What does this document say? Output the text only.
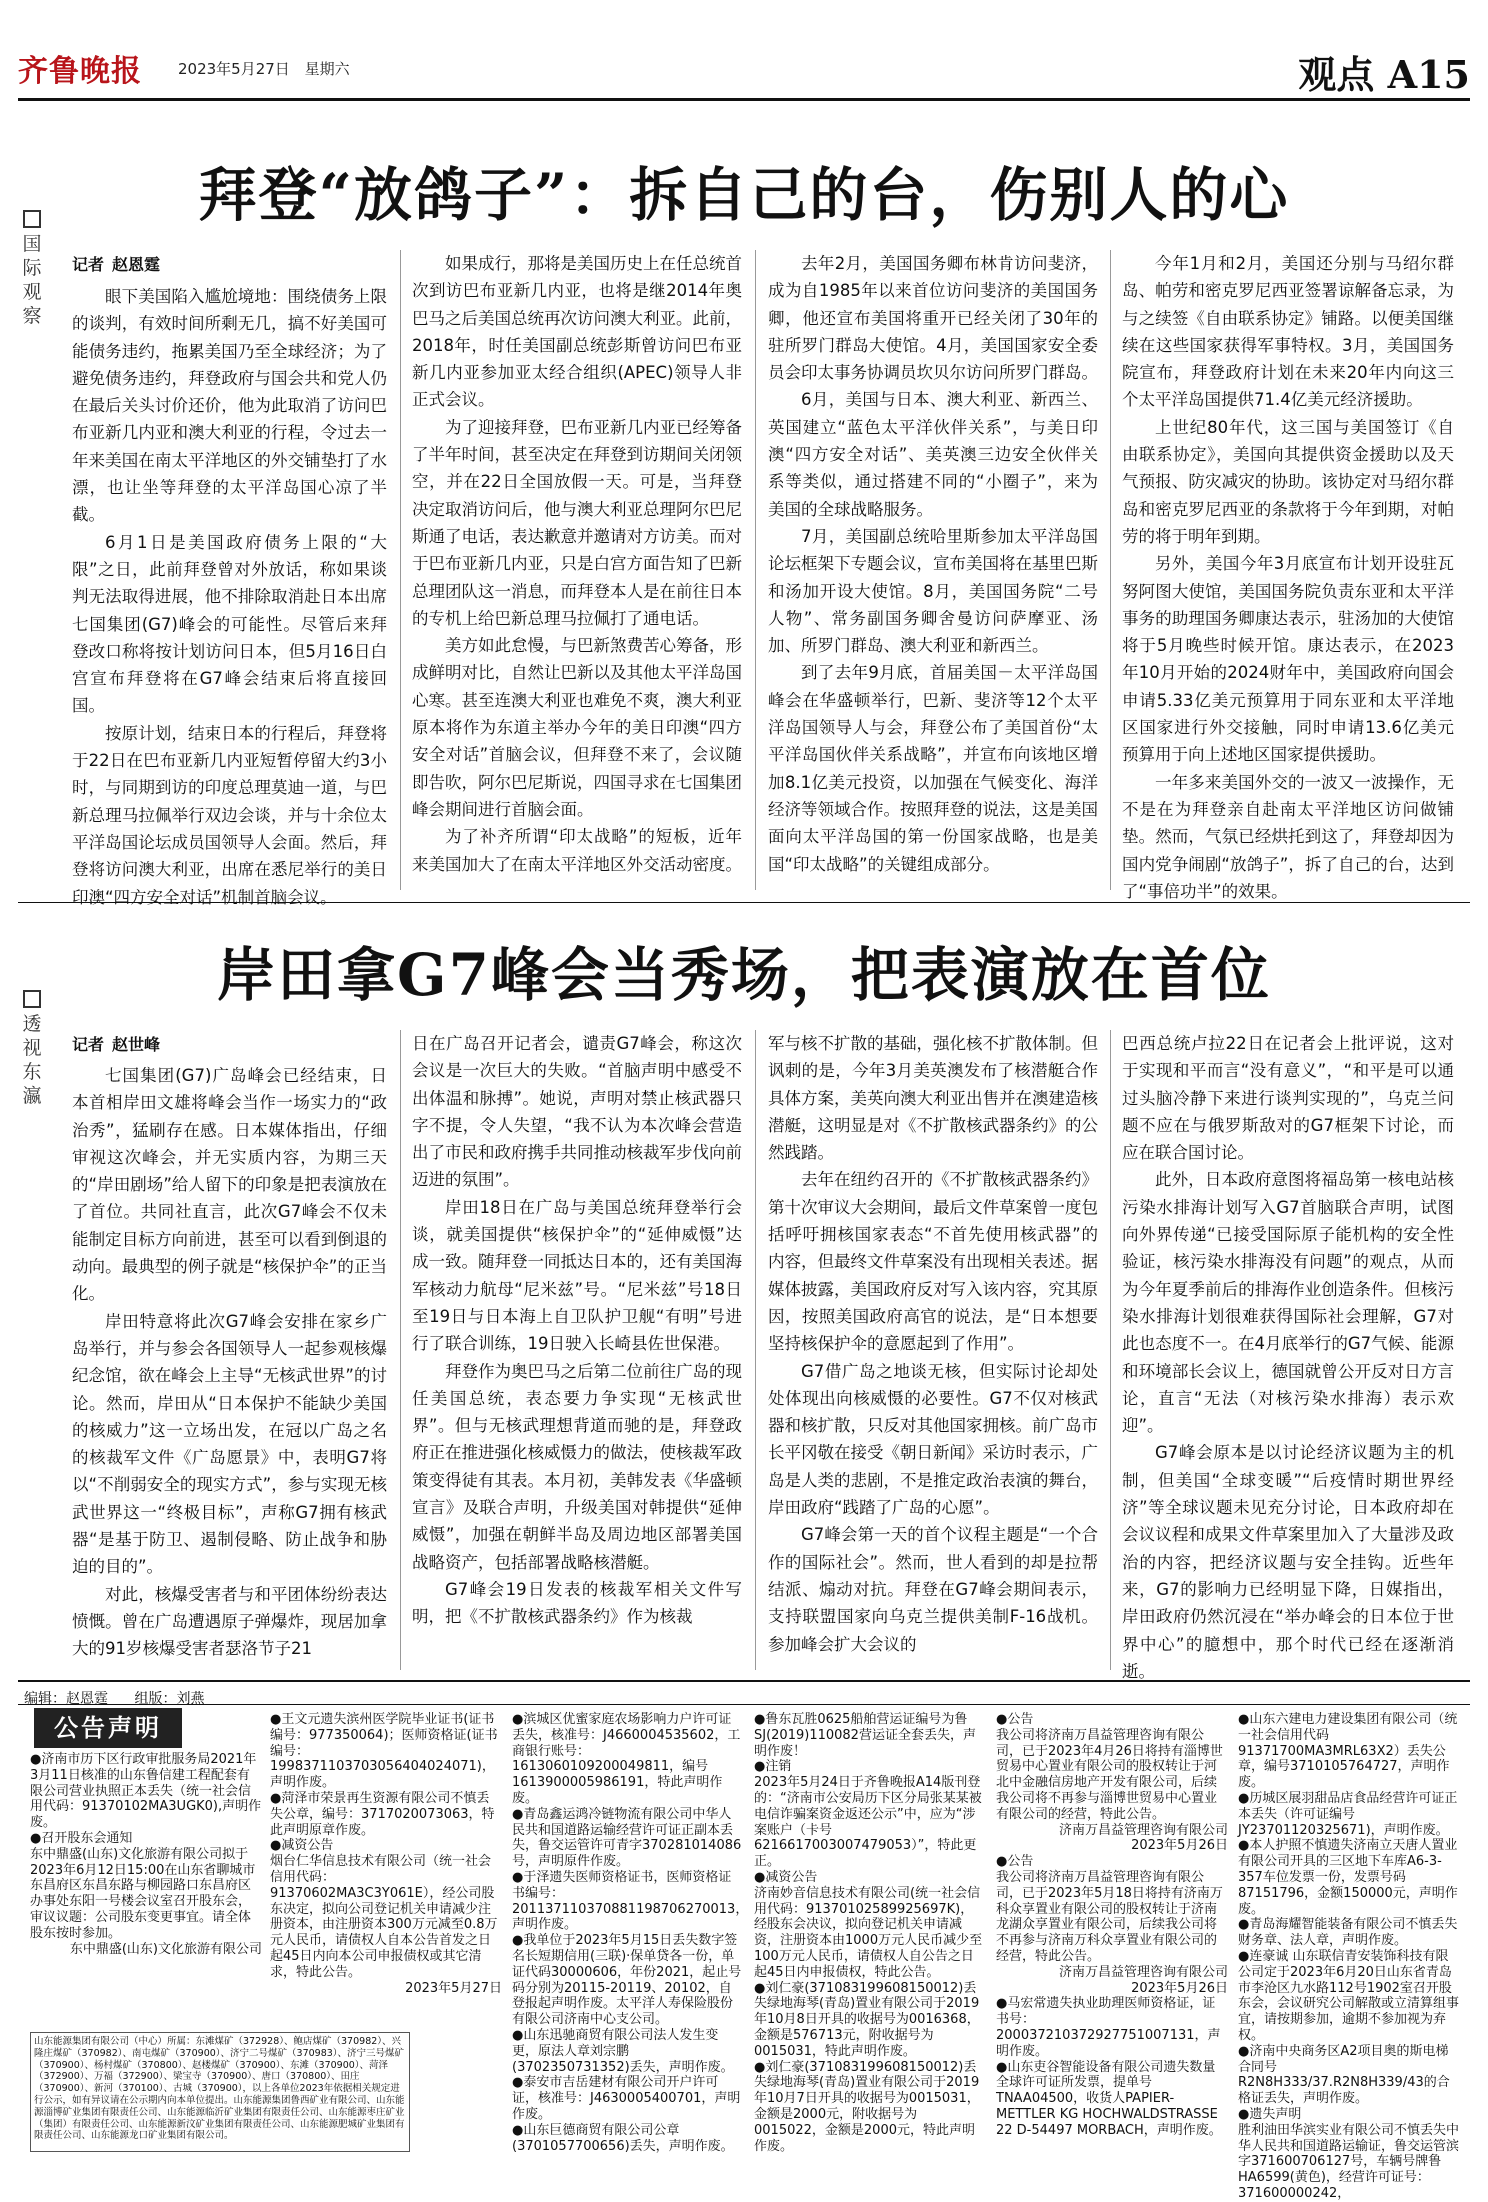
齐鲁晚报 2023年5月27日 星期六	观点 A15
拜登“放鸽子”：拆自己的台，伤别人的心
国际观察
记者 赵恩霆

眼下美国陷入尴尬境地：围绕债务上限的谈判，有效时间所剩无几，搞不好美国可能债务违约，拖累美国乃至全球经济；为了避免债务违约，拜登政府与国会共和党人仍在最后关头讨价还价，他为此取消了访问巴布亚新几内亚和澳大利亚的行程，令过去一年来美国在南太平洋地区的外交铺垫打了水漂，也让坐等拜登的太平洋岛国心凉了半截。

6月1日是美国政府债务上限的“大限”之日，此前拜登曾对外放话，称如果谈判无法取得进展，他不排除取消赴日本出席七国集团(G7)峰会的可能性。尽管后来拜登改口称将按计划访问日本，但5月16日白宫宣布拜登将在G7峰会结束后将直接回国。

按原计划，结束日本的行程后，拜登将于22日在巴布亚新几内亚短暂停留大约3小时，与同期到访的印度总理莫迪一道，与巴新总理马拉佩举行双边会谈，并与十余位太平洋岛国论坛成员国领导人会面。然后，拜登将访问澳大利亚，出席在悉尼举行的美日印澳“四方安全对话”机制首脑会议。

如果成行，那将是美国历史上在任总统首次到访巴布亚新几内亚，也将是继2014年奥巴马之后美国总统再次访问澳大利亚。此前，2018年，时任美国副总统彭斯曾访问巴布亚新几内亚参加亚太经合组织(APEC)领导人非正式会议。

为了迎接拜登，巴布亚新几内亚已经筹备了半年时间，甚至决定在拜登到访期间关闭领空，并在22日全国放假一天。可是，当拜登决定取消访问后，他与澳大利亚总理阿尔巴尼斯通了电话，表达歉意并邀请对方访美。而对于巴布亚新几内亚，只是白宫方面告知了巴新总理团队这一消息，而拜登本人是在前往日本的专机上给巴新总理马拉佩打了通电话。

美方如此怠慢，与巴新煞费苦心筹备，形成鲜明对比，自然让巴新以及其他太平洋岛国心寒。甚至连澳大利亚也难免不爽，澳大利亚原本将作为东道主举办今年的美日印澳“四方安全对话”首脑会议，但拜登不来了，会议随即告吹，阿尔巴尼斯说，四国寻求在七国集团峰会期间进行首脑会面。

为了补齐所谓“印太战略”的短板，近年来美国加大了在南太平洋地区外交活动密度。

去年2月，美国国务卿布林肯访问斐济，成为自1985年以来首位访问斐济的美国国务卿，他还宣布美国将重开已经关闭了30年的驻所罗门群岛大使馆。4月，美国国家安全委员会印太事务协调员坎贝尔访问所罗门群岛。

6月，美国与日本、澳大利亚、新西兰、英国建立“蓝色太平洋伙伴关系”，与美日印澳“四方安全对话”、美英澳三边安全伙伴关系等类似，通过搭建不同的“小圈子”，来为美国的全球战略服务。

7月，美国副总统哈里斯参加太平洋岛国论坛框架下专题会议，宣布美国将在基里巴斯和汤加开设大使馆。8月，美国国务院“二号人物”、常务副国务卿舍曼访问萨摩亚、汤加、所罗门群岛、澳大利亚和新西兰。

到了去年9月底，首届美国－太平洋岛国峰会在华盛顿举行，巴新、斐济等12个太平洋岛国领导人与会，拜登公布了美国首份“太平洋岛国伙伴关系战略”，并宣布向该地区增加8.1亿美元投资，以加强在气候变化、海洋经济等领域合作。按照拜登的说法，这是美国面向太平洋岛国的第一份国家战略，也是美国“印太战略”的关键组成部分。

今年1月和2月，美国还分别与马绍尔群岛、帕劳和密克罗尼西亚签署谅解备忘录，为与之续签《自由联系协定》铺路。以便美国继续在这些国家获得军事特权。3月，美国国务院宣布，拜登政府计划在未来20年内向这三个太平洋岛国提供71.4亿美元经济援助。

上世纪80年代，这三国与美国签订《自由联系协定》，美国向其提供资金援助以及天气预报、防灾减灾的协助。该协定对马绍尔群岛和密克罗尼西亚的条款将于今年到期，对帕劳的将于明年到期。

另外，美国今年3月底宣布计划开设驻瓦努阿图大使馆，美国国务院负责东亚和太平洋事务的助理国务卿康达表示，驻汤加的大使馆将于5月晚些时候开馆。康达表示，在2023年10月开始的2024财年中，美国政府向国会申请5.33亿美元预算用于同东亚和太平洋地区国家进行外交接触，同时申请13.6亿美元预算用于向上述地区国家提供援助。

一年多来美国外交的一波又一波操作，无不是在为拜登亲自赴南太平洋地区访问做铺垫。然而，气氛已经烘托到这了，拜登却因为国内党争闹剧“放鸽子”，拆了自己的台，达到了“事倍功半”的效果。

岸田拿G7峰会当秀场，把表演放在首位
透视东瀛
记者 赵世峰

七国集团(G7)广岛峰会已经结束，日本首相岸田文雄将峰会当作一场实力的“政治秀”，猛刷存在感。日本媒体指出，仔细审视这次峰会，并无实质内容，为期三天的“岸田剧场”给人留下的印象是把表演放在了首位。共同社直言，此次G7峰会不仅未能制定目标方向前进，甚至可以看到倒退的动向。最典型的例子就是“核保护伞”的正当化。

岸田特意将此次G7峰会安排在家乡广岛举行，并与参会各国领导人一起参观核爆纪念馆，欲在峰会上主导“无核武世界”的讨论。然而，岸田从“日本保护不能缺少美国的核威力”这一立场出发，在冠以广岛之名的核裁军文件《广岛愿景》中，表明G7将以“不削弱安全的现实方式”，参与实现无核武世界这一“终极目标”，声称G7拥有核武器“是基于防卫、遏制侵略、防止战争和胁迫的目的”。

对此，核爆受害者与和平团体纷纷表达愤慨。曾在广岛遭遇原子弹爆炸，现居加拿大的91岁核爆受害者瑟洛节子21

日在广岛召开记者会，谴责G7峰会，称这次会议是一次巨大的失败。“首脑声明中感受不出体温和脉搏”。她说，声明对禁止核武器只字不提，令人失望，“我不认为本次峰会营造出了市民和政府携手共同推动核裁军步伐向前迈进的氛围”。

岸田18日在广岛与美国总统拜登举行会谈，就美国提供“核保护伞”的“延伸威慑”达成一致。随拜登一同抵达日本的，还有美国海军核动力航母“尼米兹”号。“尼米兹”号18日至19日与日本海上自卫队护卫舰“有明”号进行了联合训练，19日驶入长崎县佐世保港。

拜登作为奥巴马之后第二位前往广岛的现任美国总统，表态要力争实现“无核武世界”。但与无核武理想背道而驰的是，拜登政府正在推进强化核威慑力的做法，使核裁军政策变得徒有其表。本月初，美韩发表《华盛顿宣言》及联合声明，升级美国对韩提供“延伸威慑”，加强在朝鲜半岛及周边地区部署美国战略资产，包括部署战略核潜艇。

G7峰会19日发表的核裁军相关文件写明，把《不扩散核武器条约》作为核裁

军与核不扩散的基础，强化核不扩散体制。但讽刺的是，今年3月美英澳发布了核潜艇合作具体方案，美英向澳大利亚出售并在澳建造核潜艇，这明显是对《不扩散核武器条约》的公然践踏。

去年在纽约召开的《不扩散核武器条约》第十次审议大会期间，最后文件草案曾一度包括呼吁拥核国家表态“不首先使用核武器”的内容，但最终文件草案没有出现相关表述。据媒体披露，美国政府反对写入该内容，究其原因，按照美国政府高官的说法，是“日本想要坚持核保护伞的意愿起到了作用”。

G7借广岛之地谈无核，但实际讨论却处处体现出向核威慑的必要性。G7不仅对核武器和核扩散，只反对其他国家拥核。前广岛市长平冈敬在接受《朝日新闻》采访时表示，广岛是人类的悲剧，不是推定政治表演的舞台，岸田政府“践踏了广岛的心愿”。

G7峰会第一天的首个议程主题是“一个合作的国际社会”。然而，世人看到的却是拉帮结派、煽动对抗。拜登在G7峰会期间表示，支持联盟国家向乌克兰提供美制F-16战机。参加峰会扩大会议的

巴西总统卢拉22日在记者会上批评说，这对于实现和平而言“没有意义”，“和平是可以通过头脑冷静下来进行谈判实现的”，乌克兰问题不应在与俄罗斯敌对的G7框架下讨论，而应在联合国讨论。

此外，日本政府意图将福岛第一核电站核污染水排海计划写入G7首脑联合声明，试图向外界传递“已接受国际原子能机构的安全性验证，核污染水排海没有问题”的观点，从而为今年夏季前后的排海作业创造条件。但核污染水排海计划很难获得国际社会理解，G7对此也态度不一。在4月底举行的G7气候、能源和环境部长会议上，德国就曾公开反对日方言论，直言“无法（对核污染水排海）表示欢迎”。

G7峰会原本是以讨论经济议题为主的机制，但美国“全球变暖”“后疫情时期世界经济”等全球议题未见充分讨论，日本政府却在会议议程和成果文件草案里加入了大量涉及政治的内容，把经济议题与安全挂钩。近些年来，G7的影响力已经明显下降，日媒指出，岸田政府仍然沉浸在“举办峰会的日本位于世界中心”的臆想中，那个时代已经在逐渐消逝。

编辑：赵恩霆 组版：刘燕
公告声明

●济南市历下区行政审批服务局2021年3月11日核准的山东鲁信建工程配套有限公司营业执照正本丢失（统一社会信用代码：91370102MA3UGK0),声明作废。

●召开股东会通知

东中鼎盛(山东)文化旅游有限公司拟于2023年6月12日15:00在山东省聊城市东昌府区东昌东路与柳园路口东昌府区办事处东阳一号楼会议室召开股东会，审议议题：公司股东变更事宜。请全体股东按时参加。

东中鼎盛(山东)文化旅游有限公司

●王文元遗失滨州医学院毕业证书(证书编号：977350064)；医师资格证(证书编号：1998371103703056404024071)，声明作废。

●菏泽市荣景再生资源有限公司不慎丢失公章，编号：3717020073063，特此声明原章作废。

●减资公告

烟台仁华信息技术有限公司（统一社会信用代码：91370602MA3C3Y061E），经公司股东决定，拟向公司登记机关申请减少注册资本，由注册资本300万元减至0.8万元人民币，请债权人自本公告首发之日起45日内向本公司申报债权或其它清求，特此公告。

2023年5月27日

●滨城区优蜜家庭农场影响力户许可证丢失，核准号：J4660004535602，工商银行账号：1613060109200049811，编号1613900005986191，特此声明作废。

●青岛鑫运鸿冷链物流有限公司中华人民共和国道路运输经营许可证正副本丢失，鲁交运管许可青字370281014086号，声明原件作废。

●于泽遗失医师资格证书，医师资格证书编号：201137110370881198706270013，声明作废。

●我单位于2023年5月15日丢失数字签名长短期信用(三联)·保单贷各一份，单证代码30000606，年份2021，起止号码分别为20115-20119、20102，自登报起声明作废。太平洋人寿保险股份有限公司济南中心支公司。

●山东迅驰商贸有限公司法人发生变更，原法人章刘宗鹏(3702350731352)丢失，声明作废。

●泰安市吉岳建材有限公司开户许可证，核准号：J4630005400701，声明作废。

●山东巨德商贸有限公司公章(3701057700656)丢失，声明作废。

●鲁东瓦胜0625船舶营运证编号为鲁SJ(2019)110082营运证全套丢失，声明作废！

●注销

2023年5月24日于齐鲁晚报A14版刊登的：“济南市公安局历下区分局张某某被电信诈骗案资金返还公示”中，应为“涉案账户（卡号6216617003007479053）”，特此更正。

●减资公告

济南妙音信息技术有限公司(统一社会信用代码：91370102589925697K)，经股东会决议，拟向登记机关申请减资，注册资本由1000万元人民币减少至100万元人民币，请债权人自公告之日起45日内申报债权，特此公告。

●刘仁豪(371083199608150012)丢失绿地海琴(青岛)置业有限公司于2019年10月8日开具的收据号为0016368，金额是576713元，附收据号为0015031，特此声明作废。

●刘仁豪(371083199608150012)丢失绿地海琴(青岛)置业有限公司于2019年10月7日开具的收据号为0015031，金额是2000元，附收据号为0015022，金额是2000元，特此声明作废。

●公告

我公司将济南万昌益管理咨询有限公司，已于2023年4月26日将持有淄博世贸易中心置业有限公司的股权转让于河北中金融信房地产开发有限公司，后续我公司将不再参与淄博世贸易中心置业有限公司的经营，特此公告。

济南万昌益管理咨询有限公司

2023年5月26日

●公告

我公司将济南万昌益管理咨询有限公司，已于2023年5月18日将持有济南万科众享置业有限公司的股权转让于济南龙湖众享置业有限公司，后续我公司将不再参与济南万科众享置业有限公司的经营，特此公告。

济南万昌益管理咨询有限公司

2023年5月26日

●马宏常遗失执业助理医师资格证，证书号：200037210372927751007131，声明作废。

●山东吏谷智能设备有限公司遗失数量全球许可证所发票，提单号TNAA04500，收货人PAPIER-METTLER KG HOCHWALDSTRASSE 22 D-54497 MORBACH，声明作废。

●山东六建电力建设集团有限公司（统一社会信用代码91371700MA3MRL63X2）丢失公章，编号3710105764727，声明作废。

●历城区展羽甜品店食品经营许可证正本丢失（许可证编号JY23701120325671)，声明作废。

●本人护照不慎遗失济南立天唐人置业有限公司开具的三区地下车库A6-3-357车位发票一份，发票号码87151796，金额150000元，声明作废。

●青岛海耀智能装备有限公司不慎丢失财务章、法人章，声明作废。

●连豪诚 山东联信青安装饰科技有限公司定于2023年6月20日山东省青岛市李沧区九水路112号1902室召开股东会，会议研究公司解散或立清算组事宜，请按期参加，逾期不参加视为弃权。

●济南中央商务区A2项目奥的斯电梯合同号R2N8H333/37.R2N8H339/43的合格证丢失，声明作废。

●遗失声明

胜利油田华滨实业有限公司不慎丢失中华人民共和国道路运输证，鲁交运管滨字371600706127号，车辆号牌鲁HA6599(黄色)，经营许可证号：371600000242，

山东能源集团有限公司（中心）所属：东滩煤矿（372928）、鲍店煤矿（370982）、兴隆庄煤矿（370982）、南屯煤矿（370900）、济宁二号煤矿（370983）、济宁三号煤矿（370900）、杨村煤矿（370800）、赵楼煤矿（370900）、东滩（370900）、菏泽（372900）、万福（372900）、梁宝寺（370900）、唐口（370800）、田庄（370900）、新河（370100）、古城（370900），以上各单位2023年依据相关规定进行公示，如有异议请在公示期内向本单位提出。山东能源集团鲁西矿业有限公司、山东能源淄博矿业集团有限责任公司、山东能源临沂矿业集团有限责任公司、山东能源枣庄矿业（集团）有限责任公司、山东能源新汶矿业集团有限责任公司、山东能源肥城矿业集团有限责任公司、山东能源龙口矿业集团有限公司。
